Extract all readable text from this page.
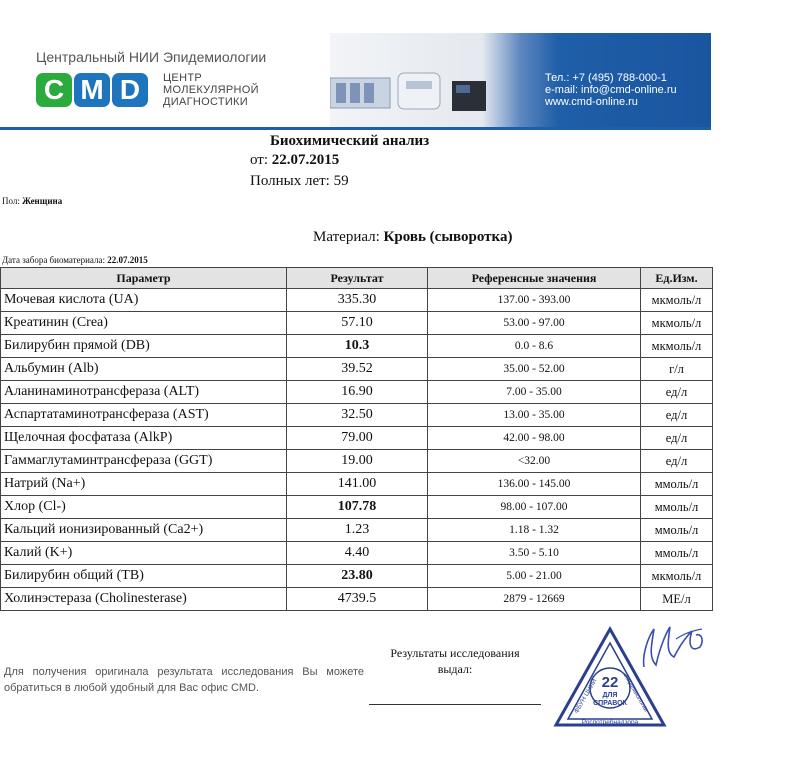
Центральный НИИ Эпидемиологии
C M D	ЦЕНТР
МОЛЕКУЛЯРНОЙ
ДИАГНОСТИКИ
Тел.: +7 (495) 788-000-1
e-mail: info@cmd-online.ru
www.cmd-online.ru
Биохимический анализ
от: 22.07.2015
Полных лет: 59
Пол: Женщина
Материал: Кровь (сыворотка)
Дата забора биоматериала: 22.07.2015
Параметр	Результат	Референсные значения	Ед.Изм.
Мочевая кислота (UA)	335.30	137.00 - 393.00	мкмоль/л
Креатинин (Crea)	57.10	53.00 - 97.00	мкмоль/л
Билирубин прямой (DB)	10.3	0.0 - 8.6	мкмоль/л
Альбумин (Alb)	39.52	35.00 - 52.00	г/л
Аланинаминотрансфераза (ALT)	16.90	7.00 - 35.00	ед/л
Аспартатаминотрансфераза (AST)	32.50	13.00 - 35.00	ед/л
Щелочная фосфатаза (AlkP)	79.00	42.00 - 98.00	ед/л
Гаммаглутаминтрансфераза (GGT)	19.00	<32.00	ед/л
Натрий (Na+)	141.00	136.00 - 145.00	ммоль/л
Хлор (Cl-)	107.78	98.00 - 107.00	ммоль/л
Кальций ионизированный (Ca2+)	1.23	1.18 - 1.32	ммоль/л
Калий (K+)	4.40	3.50 - 5.10	ммоль/л
Билирубин общий (TB)	23.80	5.00 - 21.00	мкмоль/л
Холинэстераза (Cholinesterase)	4739.5	2879 - 12669	МЕ/л
Для получения оригинала результата исследования Вы можете обратиться в любой удобный для Вас офис CMD.
Результаты исследования выдал:
22
ДЛЯ
СПРАВОК
ФБУН ЦНИИ	Эпидемиологии
Роспотребнадзора
